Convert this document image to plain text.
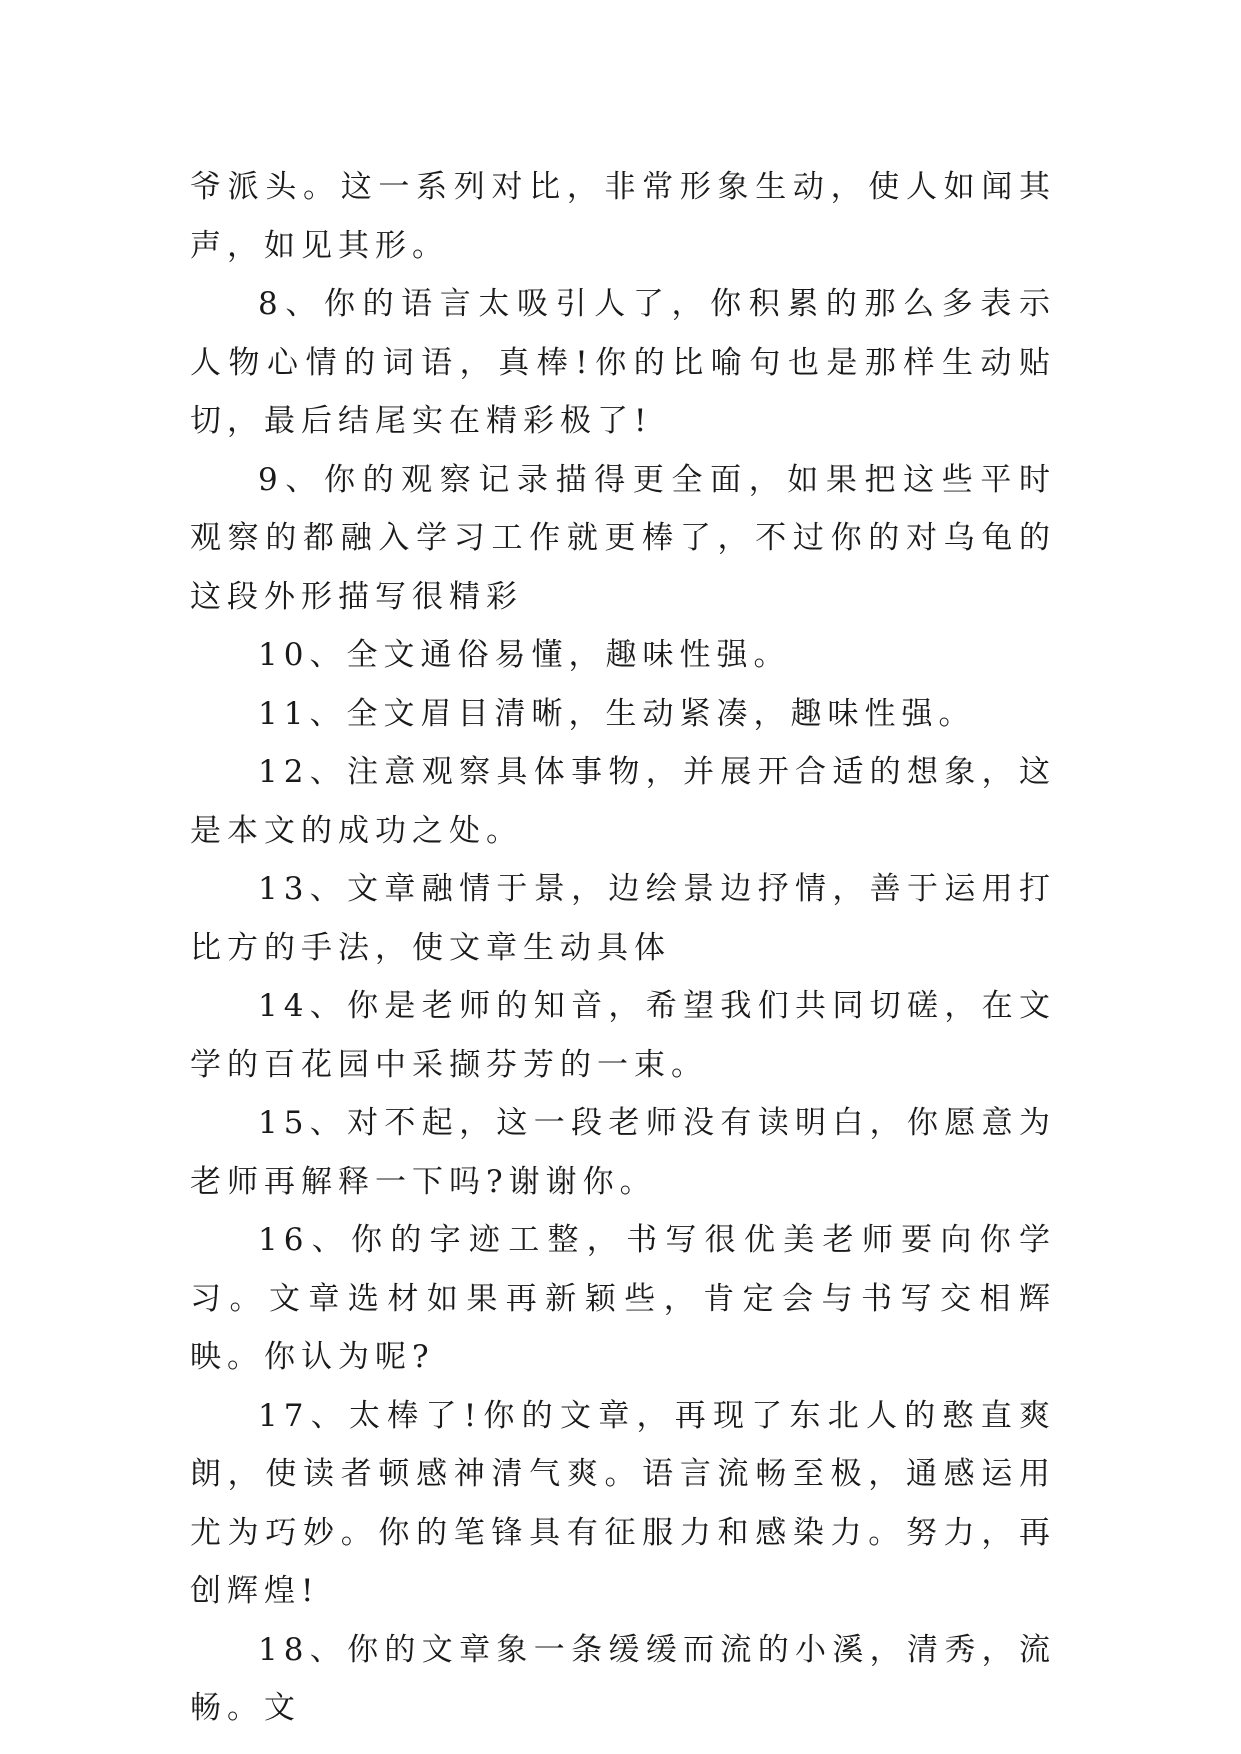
爷派头。这一系列对比，非常形象生动，使人如闻其声，如见其形。

8、你的语言太吸引人了，你积累的那么多表示人物心情的词语，真棒!你的比喻句也是那样生动贴切，最后结尾实在精彩极了!

9、你的观察记录描得更全面，如果把这些平时观察的都融入学习工作就更棒了，不过你的对乌龟的这段外形描写很精彩

10、全文通俗易懂，趣味性强。

11、全文眉目清晰，生动紧凑，趣味性强。

12、注意观察具体事物，并展开合适的想象，这是本文的成功之处。

13、文章融情于景，边绘景边抒情，善于运用打比方的手法，使文章生动具体

14、你是老师的知音，希望我们共同切磋，在文学的百花园中采撷芬芳的一束。

15、对不起，这一段老师没有读明白，你愿意为老师再解释一下吗?谢谢你。

16、你的字迹工整，书写很优美老师要向你学习。文章选材如果再新颖些，肯定会与书写交相辉映。你认为呢?

17、太棒了!你的文章，再现了东北人的憨直爽朗，使读者顿感神清气爽。语言流畅至极，通感运用尤为巧妙。你的笔锋具有征服力和感染力。努力，再创辉煌!

18、你的文章象一条缓缓而流的小溪，清秀，流畅。文
